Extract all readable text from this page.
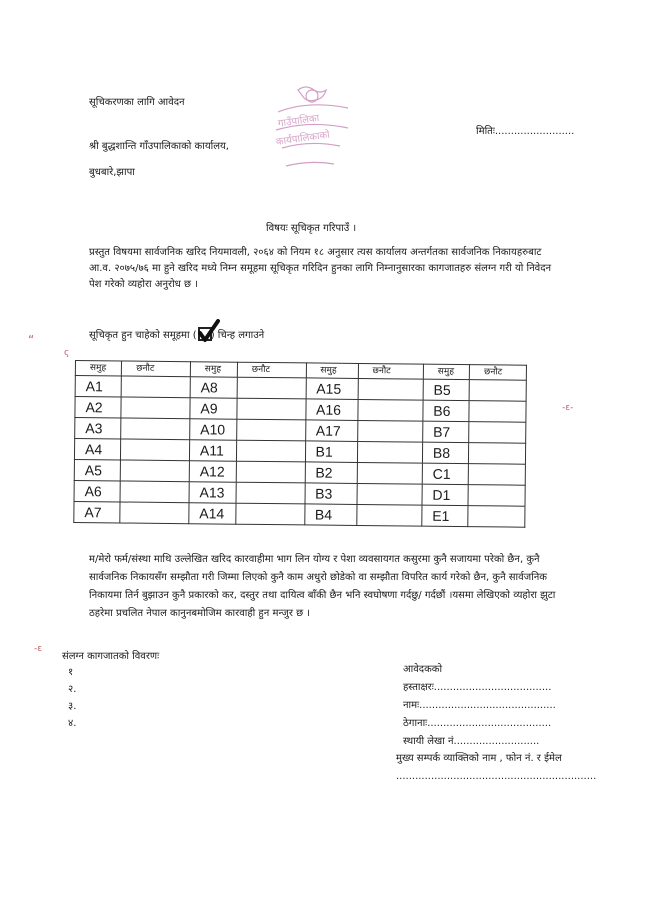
सूचिकरणका लागि आवेदन
मितिः.........................
श्री बुद्धशान्ति गाँउपालिकाको कार्यालय,
बुधबारे,झापा
गाउँपालिका
कार्यपालिकाको
विषयः सूचिकृत गरिपाउँ ।
प्रस्तुत विषयमा सार्वजनिक खरिद नियमावली, २०६४ को नियम १८ अनुसार त्यस कार्यालय अन्तर्गतका सार्वजनिक निकायहरुबाट
आ.व. २०७५/७६ मा हुने खरिद मध्ये निम्न समूहमा सूचिकृत गरिदिन हुनका लागि निम्नानुसारका कागजातहरु संलग्न गरी यो निवेदन
पेश गरेको व्यहोरा अनुरोध छ ।
सूचिकृत हुन चाहेको समूहमा ( ) चिन्ह लगाउने
“
ς
-ε-
-ε
समुह	छनौट	समुह	छनौट	समुह	छनौट	समुह	छनौट
A1		A8		A15		B5	
A2		A9		A16		B6	
A3		A10		A17		B7	
A4		A11		B1		B8	
A5		A12		B2		C1	
A6		A13		B3		D1	
A7		A14		B4		E1	
म/मेरो फर्म/संस्था माथि उल्लेखित खरिद कारवाहीमा भाग लिन योग्य र पेशा व्यवसायगत कसुरमा कुनै सजायमा परेको छैन, कुनै
सार्वजनिक निकायसँग सम्झौता गरी जिम्मा लिएको कुनै काम अधुरो छोडेको वा सम्झौता विपरित कार्य गरेको छैन, कुनै सार्वजनिक
निकायमा तिर्न बुझाउन कुनै प्रकारको कर, दस्तुर तथा दायित्व बाँकी छैन भनि स्वघोषणा गर्दछु/ गर्दछौं ।यसमा लेखिएको व्यहोरा झुटा
ठहरेमा प्रचलित नेपाल कानुनबमोजिम कारवाही हुन मन्जुर छ ।
संलग्न कागजातको विवरणः
१
२.
३.
४.
आवेदकको
हस्ताक्षरः.....................................
नामः...........................................
ठेगानाः.......................................
स्थायी लेखा नं...........................
मुख्य सम्पर्क व्याक्तिको नाम , फोन नं. र ईमेल
...............................................................
